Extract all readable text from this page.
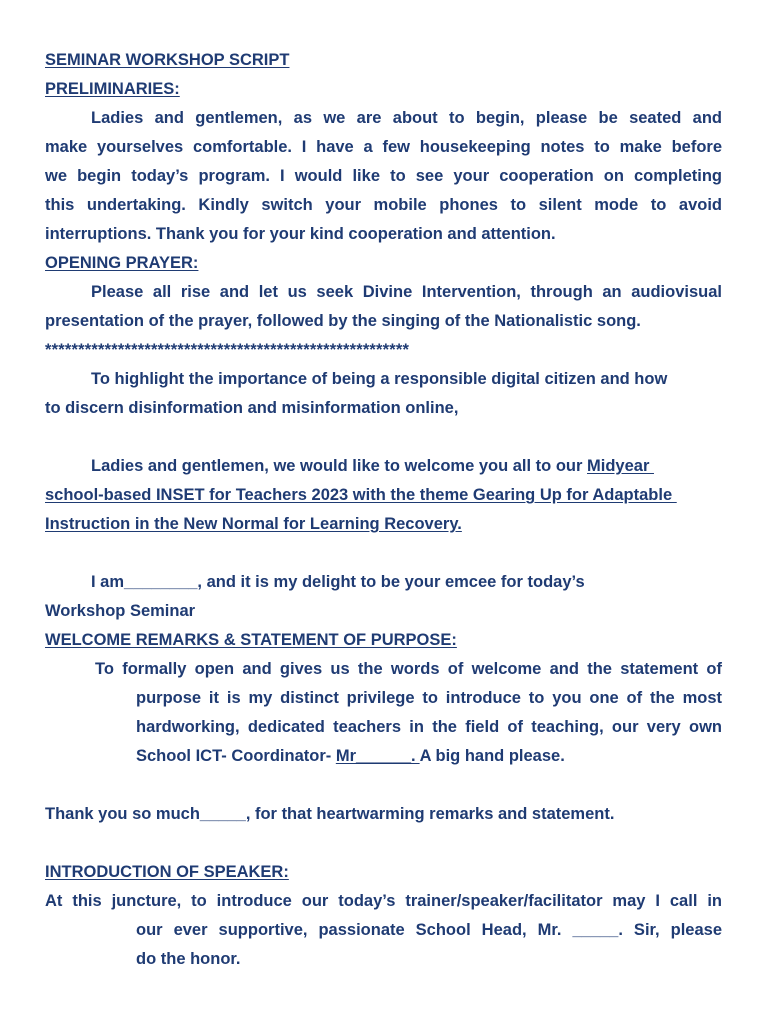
SEMINAR WORKSHOP SCRIPT
PRELIMINARIES:
Ladies and gentlemen, as we are about to begin, please be seated and
make yourselves comfortable. I have a few housekeeping notes to make before
we begin today’s program. I would like to see your cooperation on completing
this undertaking. Kindly switch your mobile phones to silent mode to avoid
interruptions. Thank you for your kind cooperation and attention.
OPENING PRAYER:
Please all rise and let us seek Divine Intervention, through an audiovisual
presentation of the prayer, followed by the singing of the Nationalistic song.
*******************************************************
To highlight the importance of being a responsible digital citizen and how
to discern disinformation and misinformation online,
Ladies and gentlemen, we would like to welcome you all to our Midyear
school-based INSET for Teachers 2023 with the theme Gearing Up for Adaptable
Instruction in the New Normal for Learning Recovery.
I am________, and it is my delight to be your emcee for today’s
Workshop Seminar
WELCOME REMARKS & STATEMENT OF PURPOSE:
To formally open and gives us the words of welcome and the statement of
purpose it is my distinct privilege to introduce to you one of the most
hardworking, dedicated teachers in the field of teaching, our very own
School ICT- Coordinator- Mr______. A big hand please.
Thank you so much_____, for that heartwarming remarks and statement.
INTRODUCTION OF SPEAKER:
At this juncture, to introduce our today’s trainer/speaker/facilitator may I call in
our ever supportive, passionate School Head, Mr. _____. Sir, please
do the honor.
